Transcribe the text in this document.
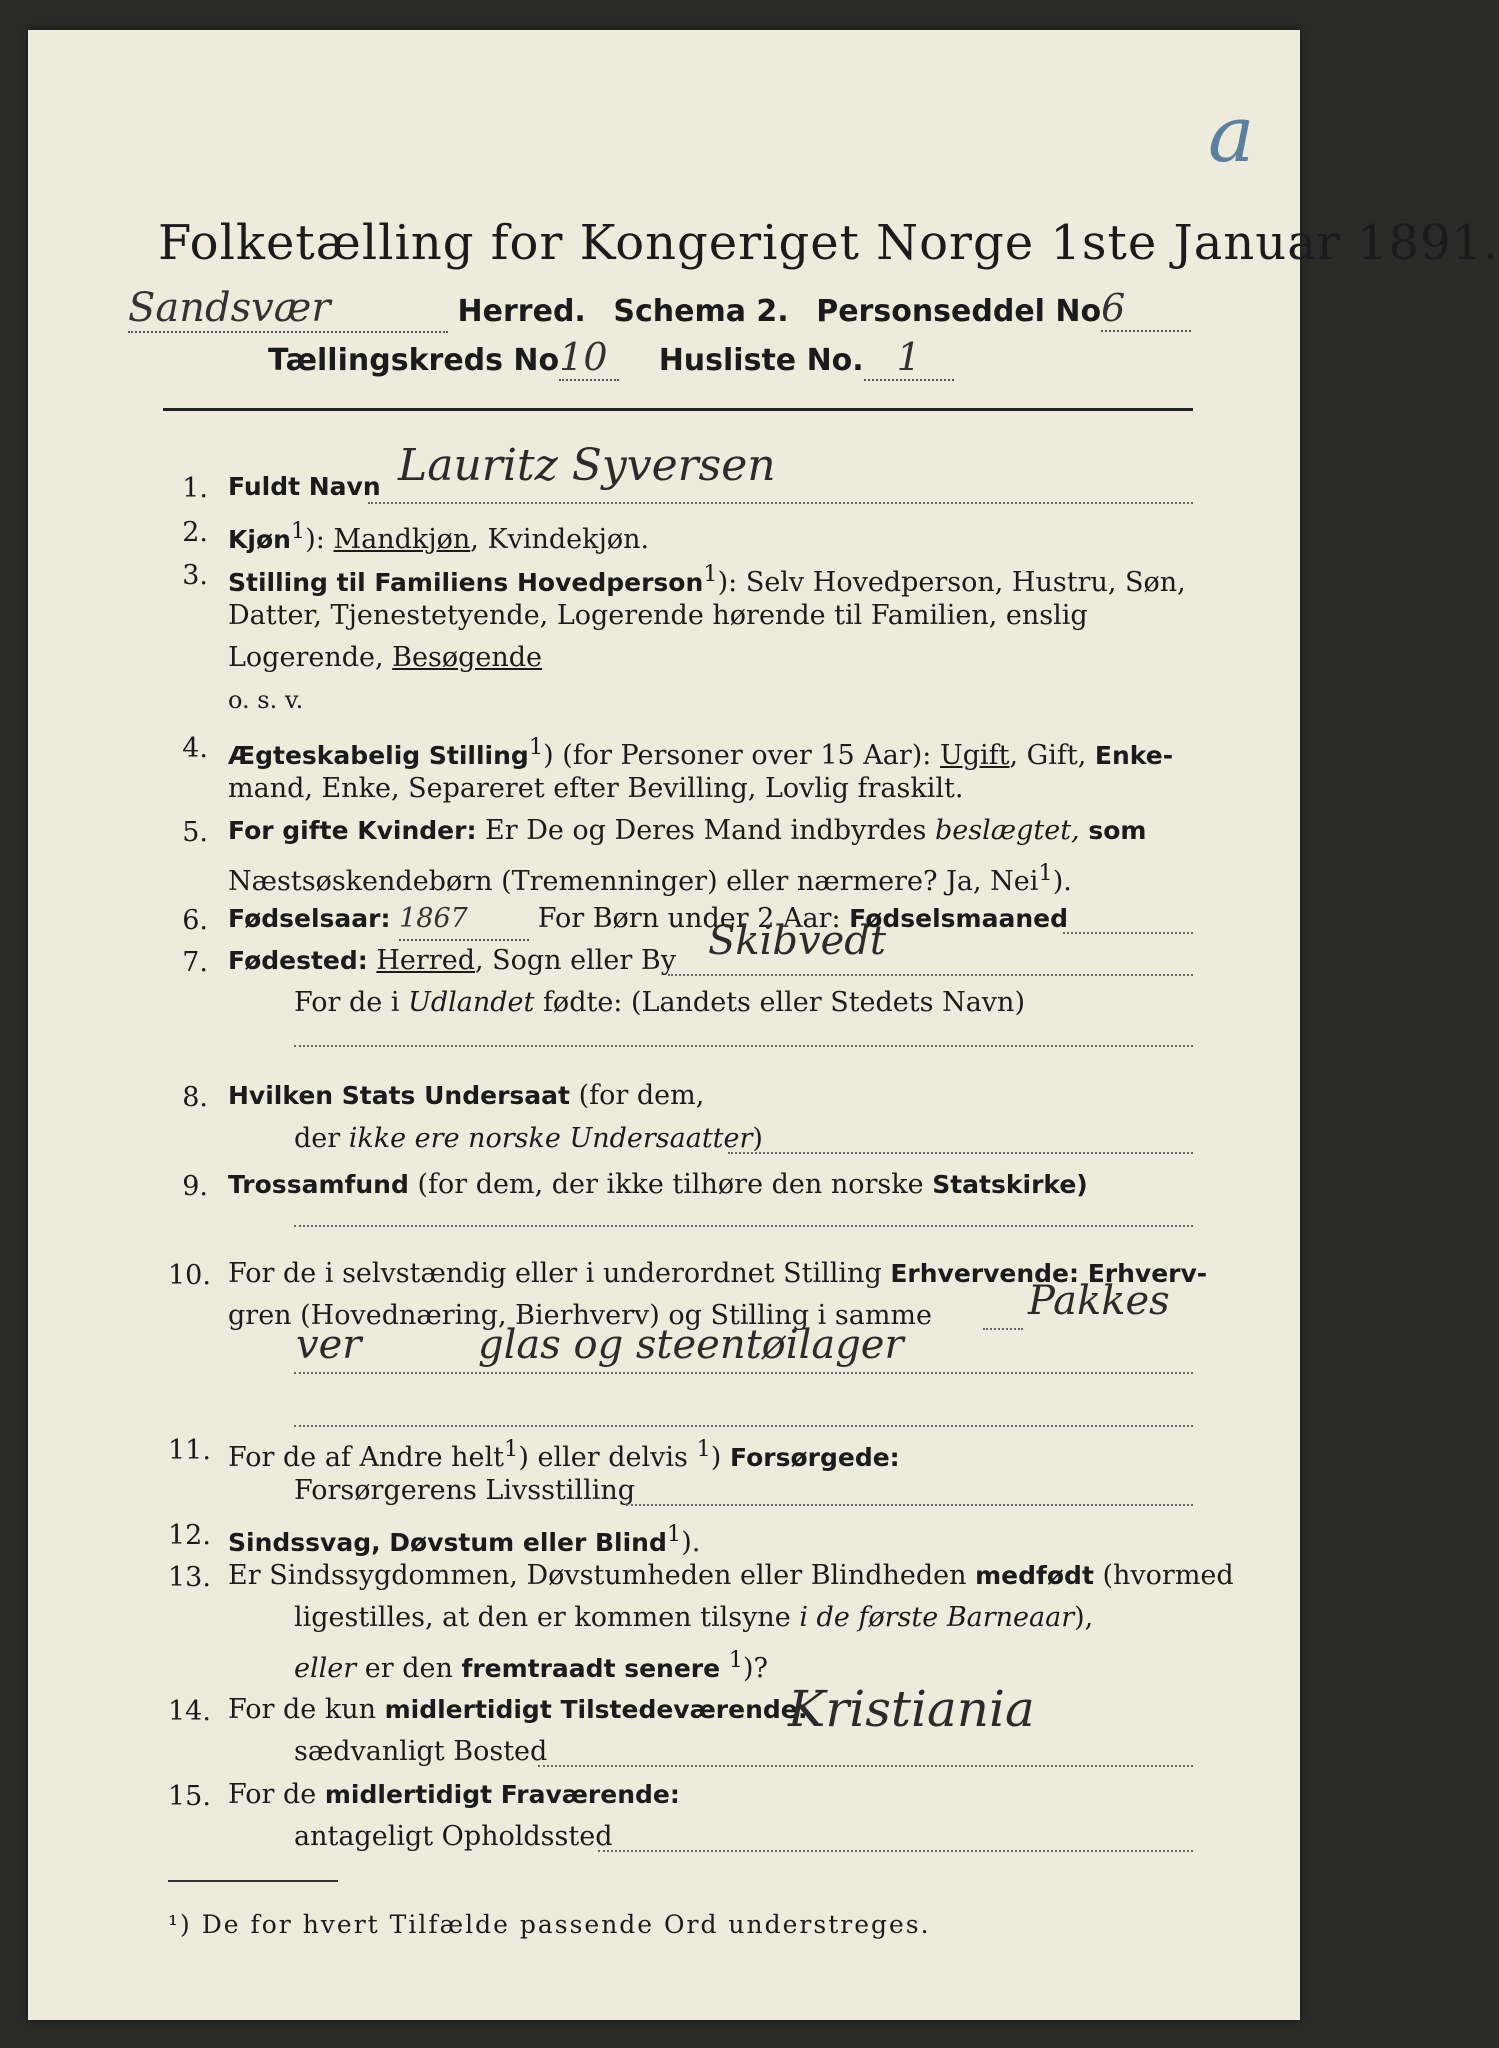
a
Folketælling for Kongeriget Norge 1ste Januar 1891.
Sandsvær	Herred. Schema 2. Personseddel No6
Tællingskreds No10 Husliste No. 1
1. Fuldt Navn Lauritz Syversen
2. Kjøn$^1$): Mandkjøn, Kvindekjøn.
3. Stilling til Familiens Hovedperson$^1$): Selv Hovedperson, Hustru, Søn,
Datter, Tjenestetyende, Logerende hørende til Familien, enslig
Logerende, Besøgende
o. s. v.
4. Ægteskabelig Stilling$^1$) (for Personer over 15 Aar): Ugift, Gift, Enke-
mand, Enke, Separeret efter Bevilling, Lovlig fraskilt.
5. For gifte Kvinder: Er De og Deres Mand indbyrdes beslægtet, som
Næstsøskendebørn (Tremenninger) eller nærmere? Ja, Nei$^1$).
6. Fødselsaar: 1867	For Børn under 2 Aar: Fødselsmaaned
7. Fødested: Herred, Sogn eller By Skibvedt
For de i Udlandet fødte: (Landets eller Stedets Navn)
8. Hvilken Stats Undersaat (for dem,
der ikke ere norske Undersaatter)
9. Trossamfund (for dem, der ikke tilhøre den norske Statskirke)
10. For de i selvstændig eller i underordnet Stilling Erhvervende: Erhverv-
gren (Hovednæring, Bierhverv) og Stilling i samme	Pakkes
ver	glas og steentøilager
11. For de af Andre helt$^1$) eller delvis $^1$) Forsørgede:
Forsørgerens Livsstilling
12. Sindssvag, Døvstum eller Blind$^1$).
13. Er Sindssygdommen, Døvstumheden eller Blindheden medfødt (hvormed
ligestilles, at den er kommen tilsyne i de første Barneaar),
eller er den fremtraadt senere $^1$)?
14. For de kun midlertidigt Tilstedeværende:
sædvanligt Bosted
Kristiania
15. For de midlertidigt Fraværende:
antageligt Opholdssted
¹) De for hvert Tilfælde passende Ord understreges.
